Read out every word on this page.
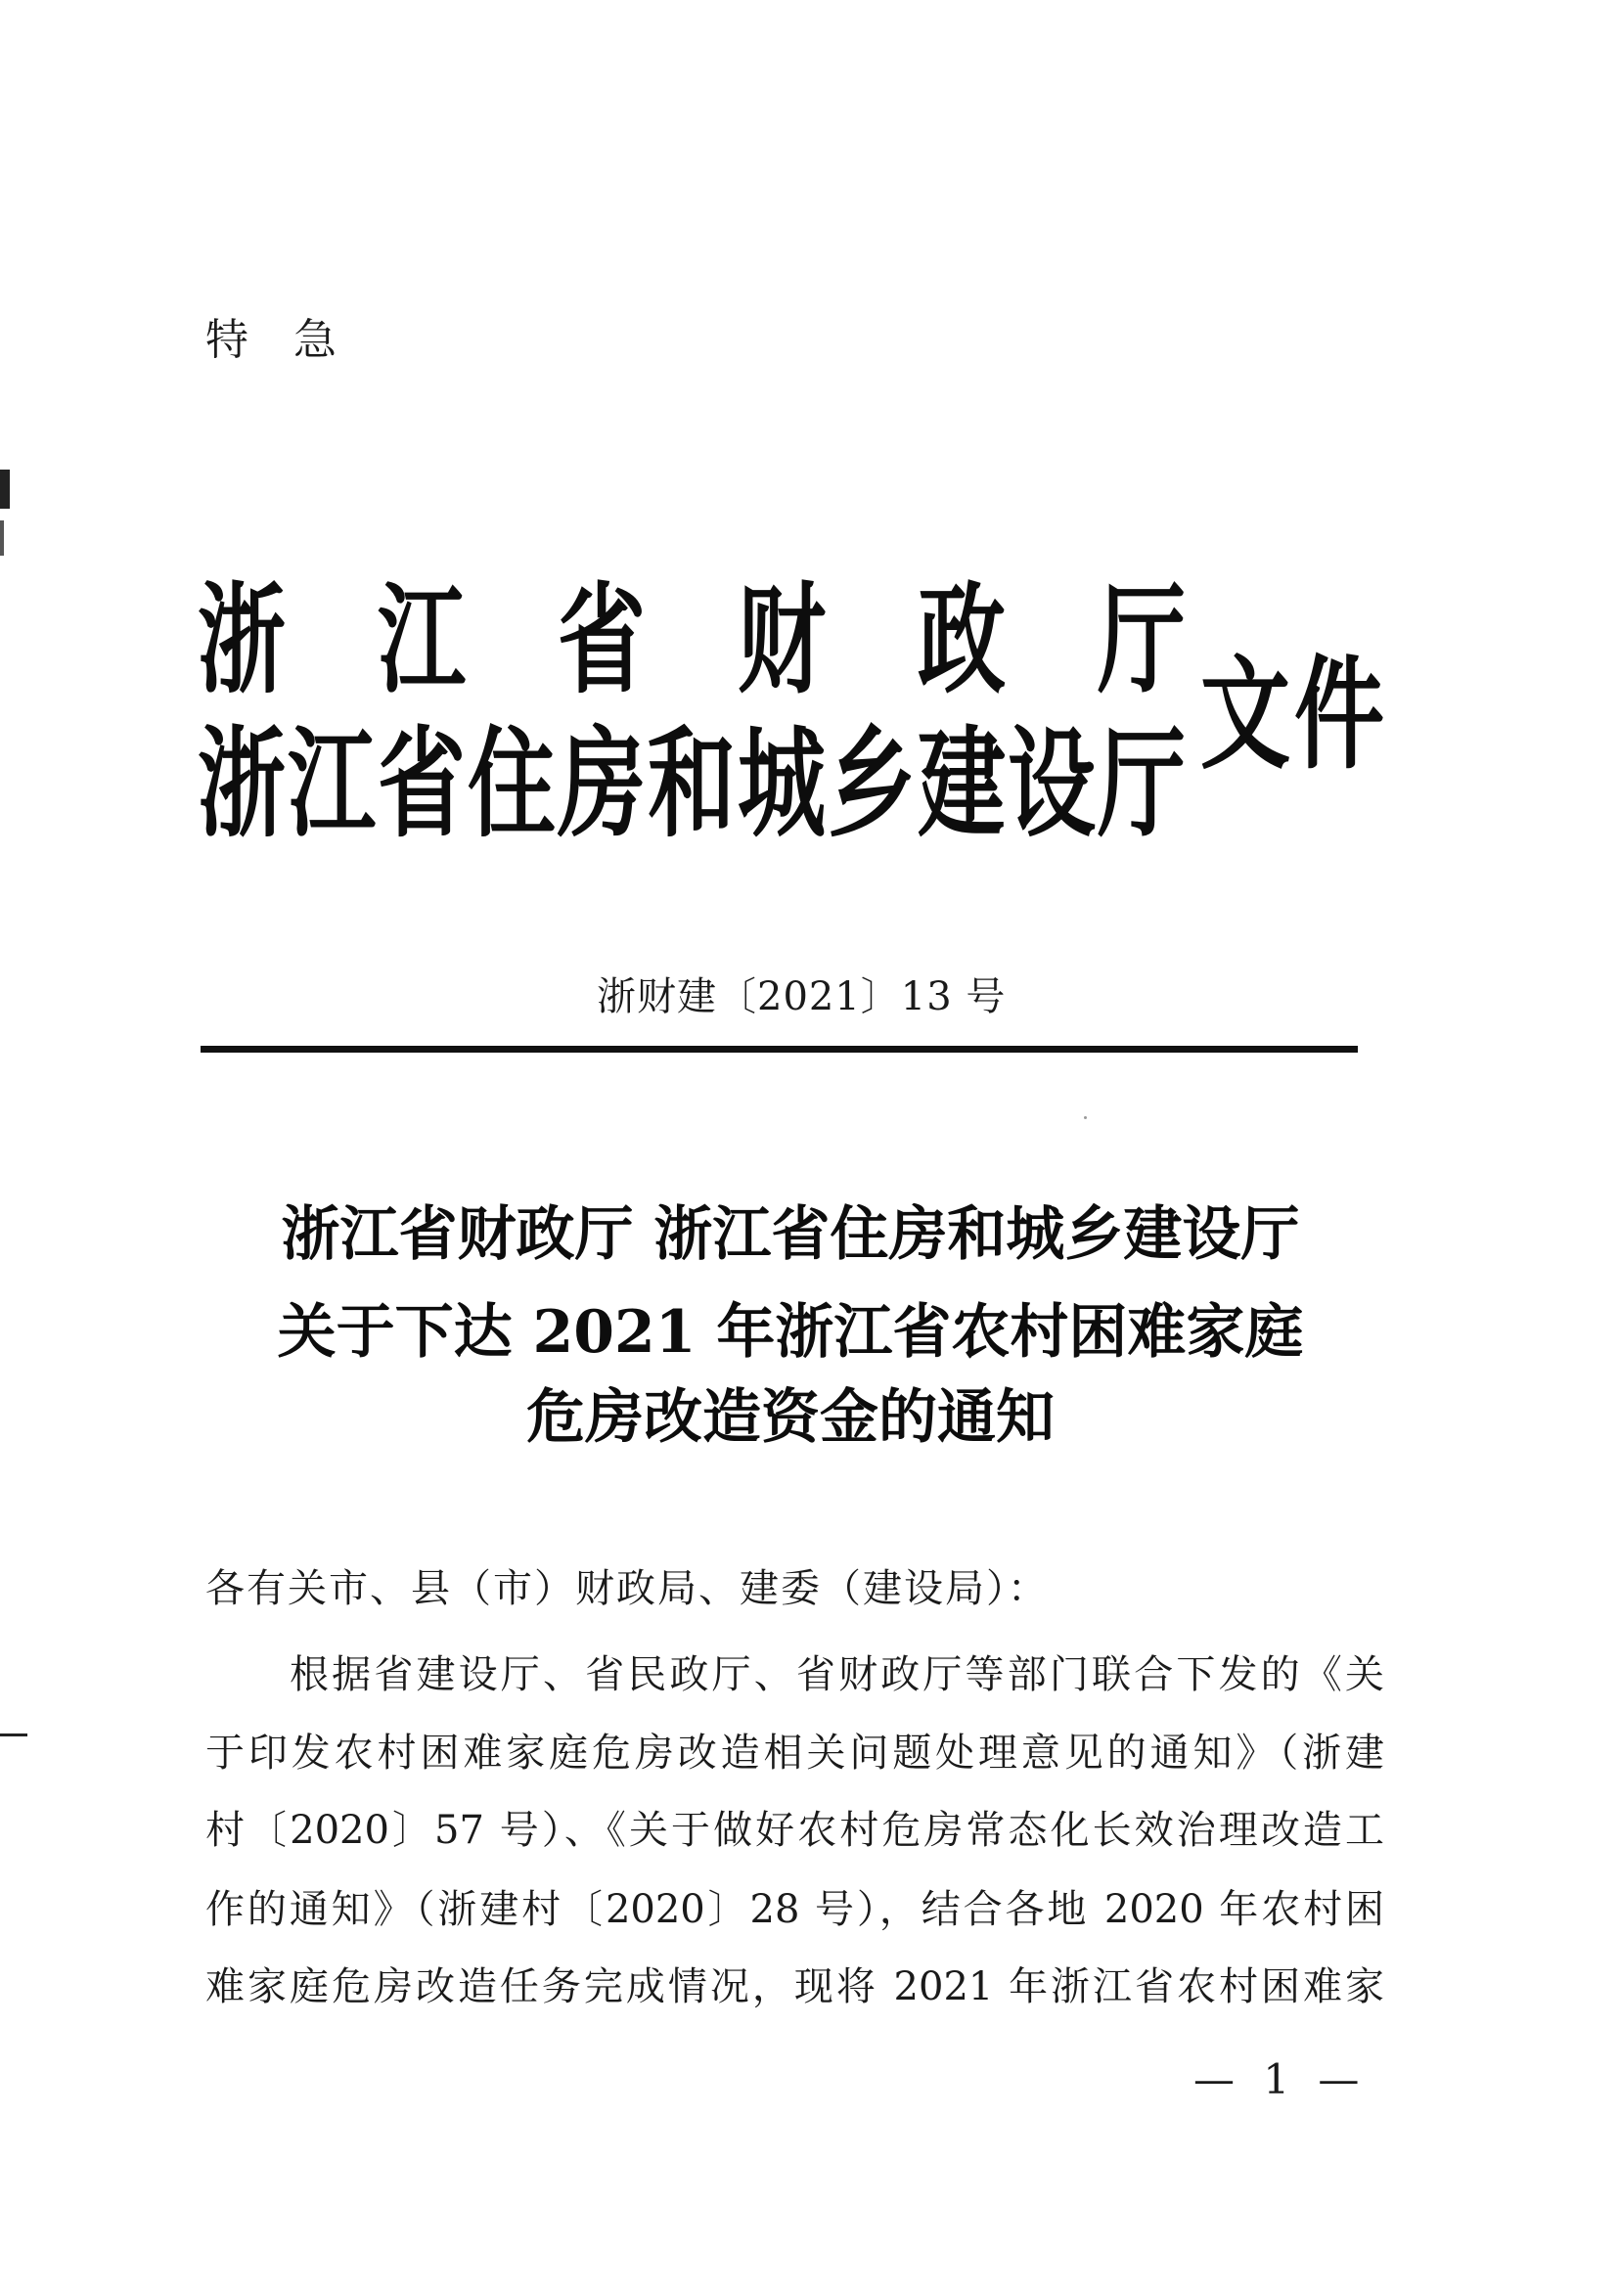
特急
浙江省财政厅
浙江省住房和城乡建设厅 文件
浙财建〔2021〕13 号
浙江省财政厅 浙江省住房和城乡建设厅
关于下达 2021 年浙江省农村困难家庭
危房改造资金的通知
各有关市、县（市）财政局、建委（建设局）：
根据省建设厅、省民政厅、省财政厅等部门联合下发的《关
于印发农村困难家庭危房改造相关问题处理意见的通知》（浙建
村〔2020〕57 号）、《关于做好农村危房常态化长效治理改造工
作的通知》（浙建村〔2020〕28 号），结合各地 2020 年农村困
难家庭危房改造任务完成情况，现将 2021 年浙江省农村困难家
— 1 —
